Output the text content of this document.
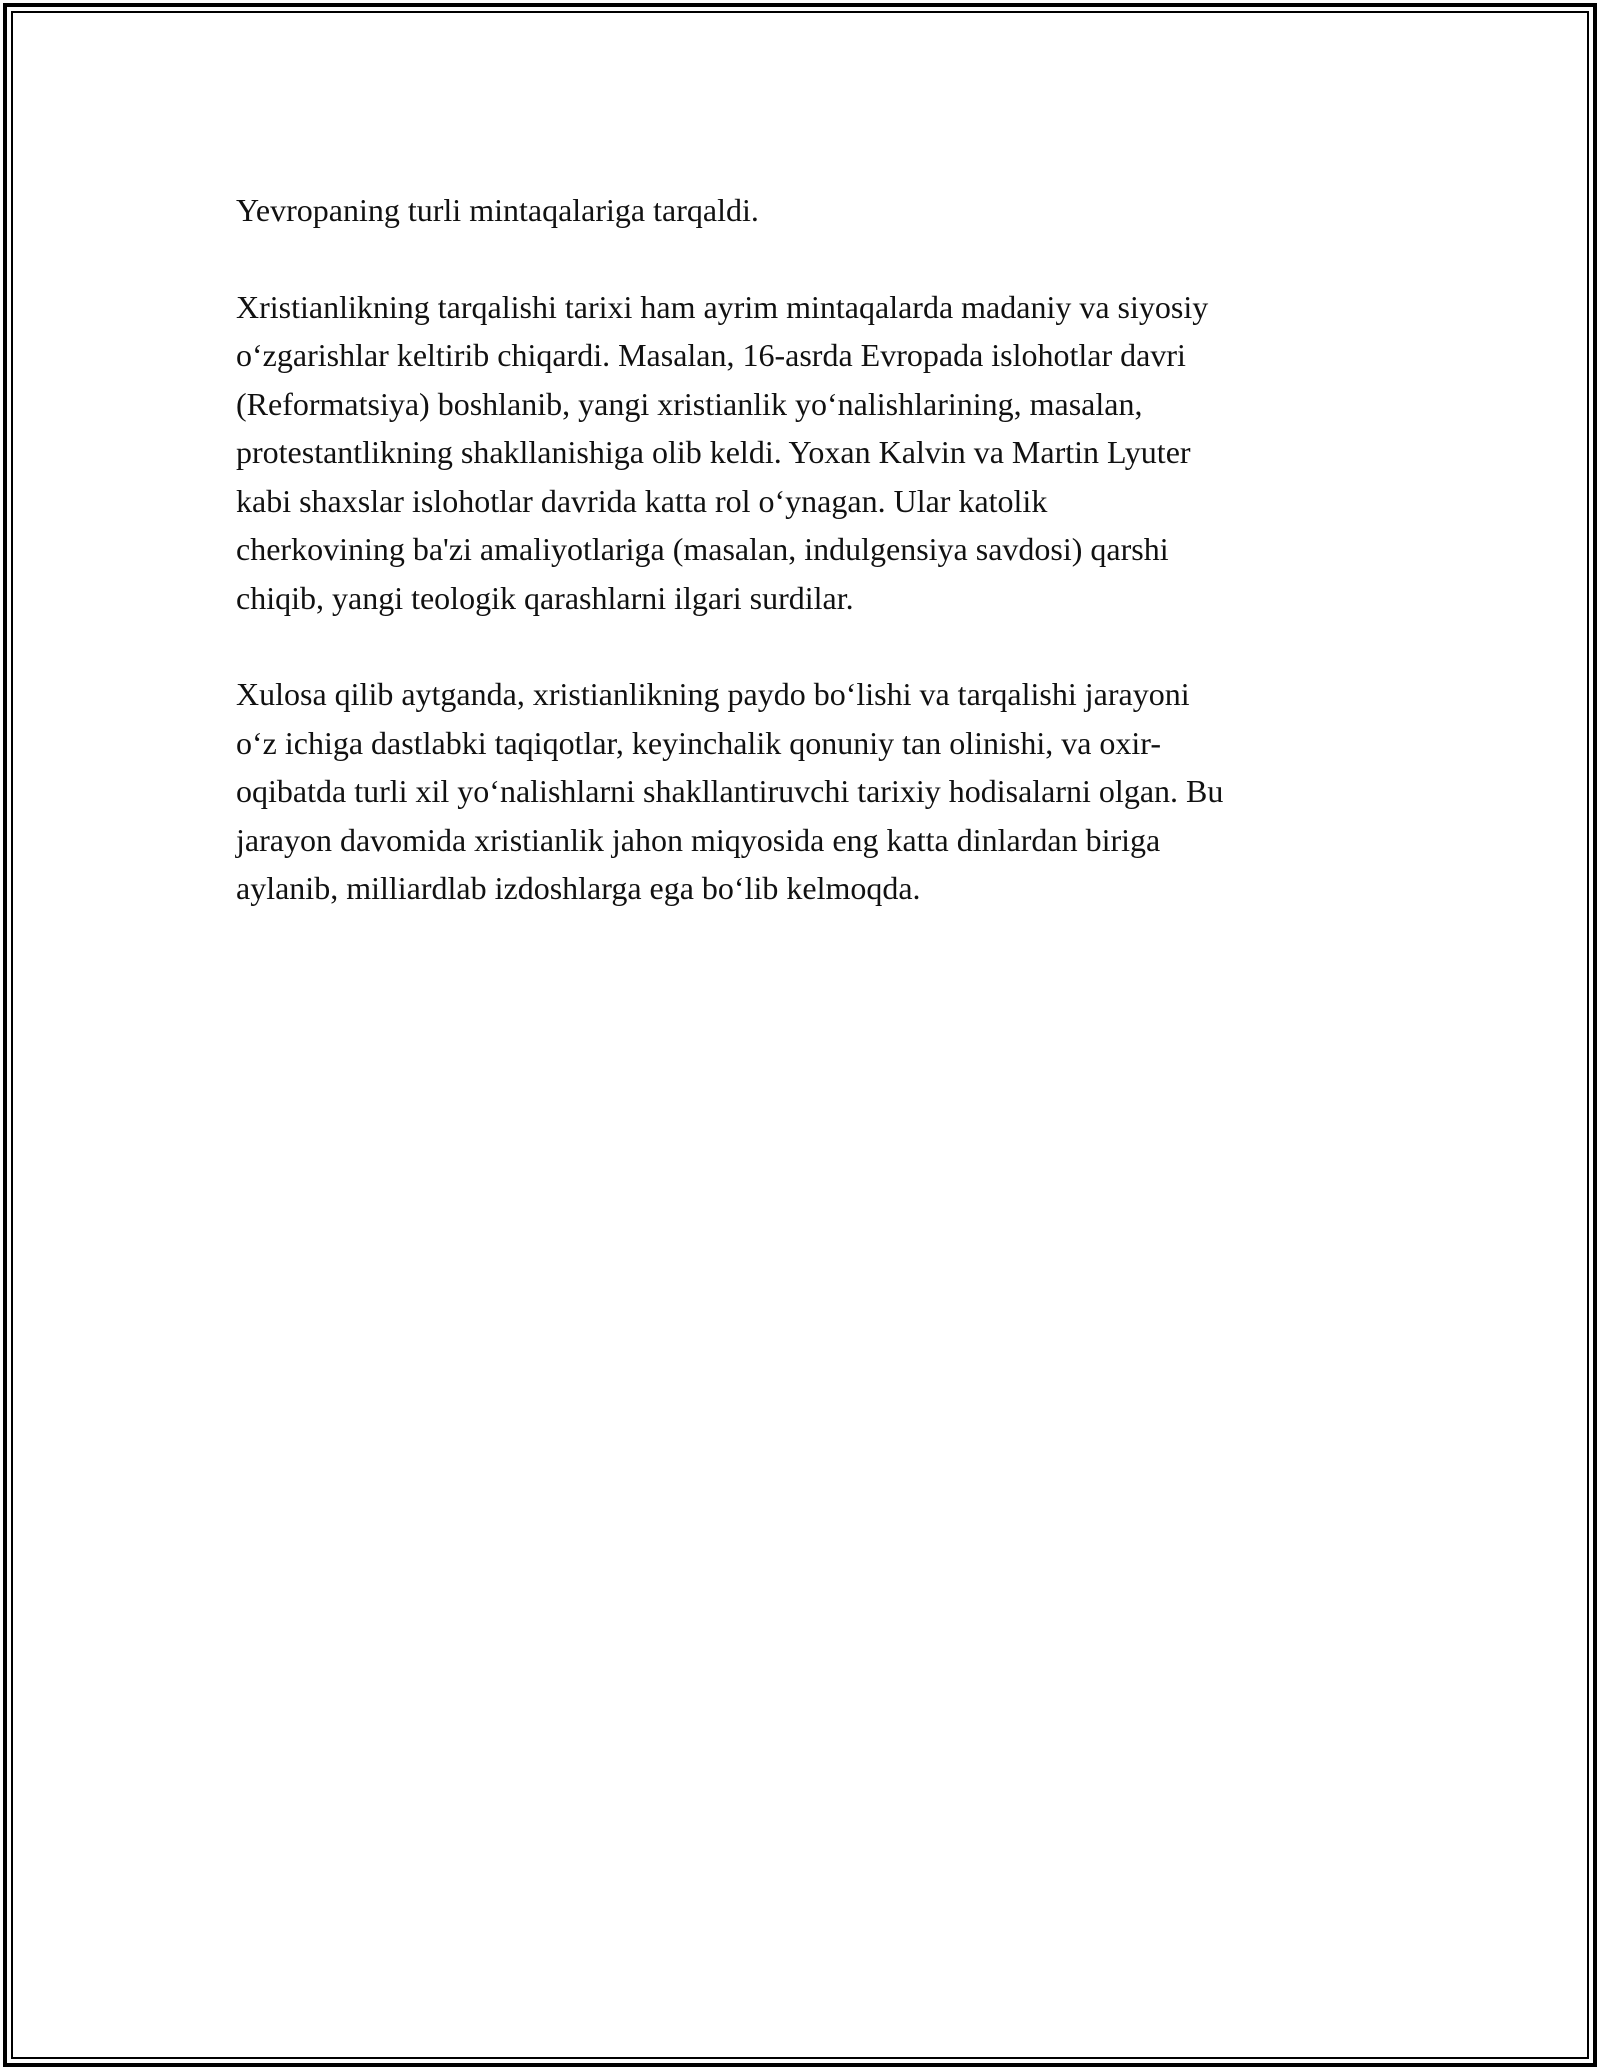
Yevropaning turli mintaqalariga tarqaldi.

Xristianlikning tarqalishi tarixi ham ayrim mintaqalarda madaniy va siyosiy
o‘zgarishlar keltirib chiqardi. Masalan, 16-asrda Evropada islohotlar davri
(Reformatsiya) boshlanib, yangi xristianlik yo‘nalishlarining, masalan,
protestantlikning shakllanishiga olib keldi. Yoxan Kalvin va Martin Lyuter
kabi shaxslar islohotlar davrida katta rol o‘ynagan. Ular katolik
cherkovining ba'zi amaliyotlariga (masalan, indulgensiya savdosi) qarshi
chiqib, yangi teologik qarashlarni ilgari surdilar.

Xulosa qilib aytganda, xristianlikning paydo bo‘lishi va tarqalishi jarayoni
o‘z ichiga dastlabki taqiqotlar, keyinchalik qonuniy tan olinishi, va oxir-
oqibatda turli xil yo‘nalishlarni shakllantiruvchi tarixiy hodisalarni olgan. Bu
jarayon davomida xristianlik jahon miqyosida eng katta dinlardan biriga
aylanib, milliardlab izdoshlarga ega bo‘lib kelmoqda.
